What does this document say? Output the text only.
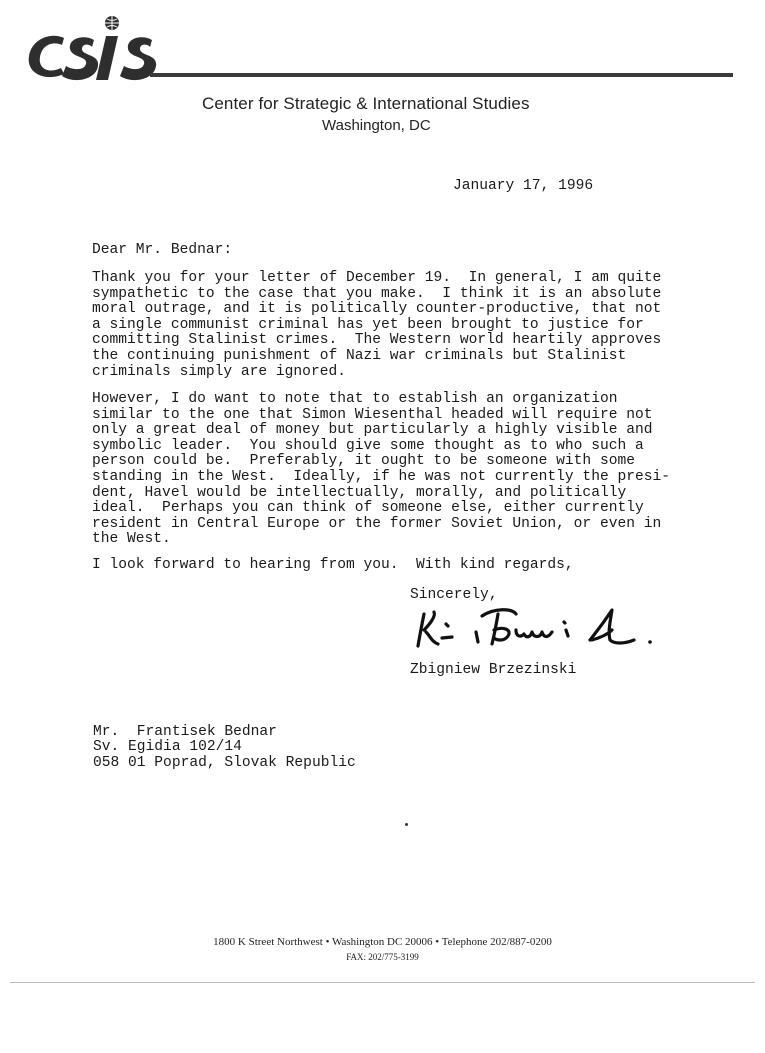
Center for Strategic & International Studies
Washington, DC
January 17, 1996
Dear Mr. Bednar:
Thank you for your letter of December 19.  In general, I am quite
sympathetic to the case that you make.  I think it is an absolute
moral outrage, and it is politically counter-productive, that not
a single communist criminal has yet been brought to justice for
committing Stalinist crimes.  The Western world heartily approves
the continuing punishment of Nazi war criminals but Stalinist
criminals simply are ignored.
However, I do want to note that to establish an organization
similar to the one that Simon Wiesenthal headed will require not
only a great deal of money but particularly a highly visible and
symbolic leader.  You should give some thought as to who such a
person could be.  Preferably, it ought to be someone with some
standing in the West.  Ideally, if he was not currently the presi-
dent, Havel would be intellectually, morally, and politically
ideal.  Perhaps you can think of someone else, either currently
resident in Central Europe or the former Soviet Union, or even in
the West.
I look forward to hearing from you.  With kind regards,
Sincerely,
Zbigniew Brzezinski
Mr.  Frantisek Bednar
Sv. Egidia 102/14
058 01 Poprad, Slovak Republic
1800 K Street Northwest • Washington DC 20006 • Telephone 202/887-0200
FAX: 202/775-3199
